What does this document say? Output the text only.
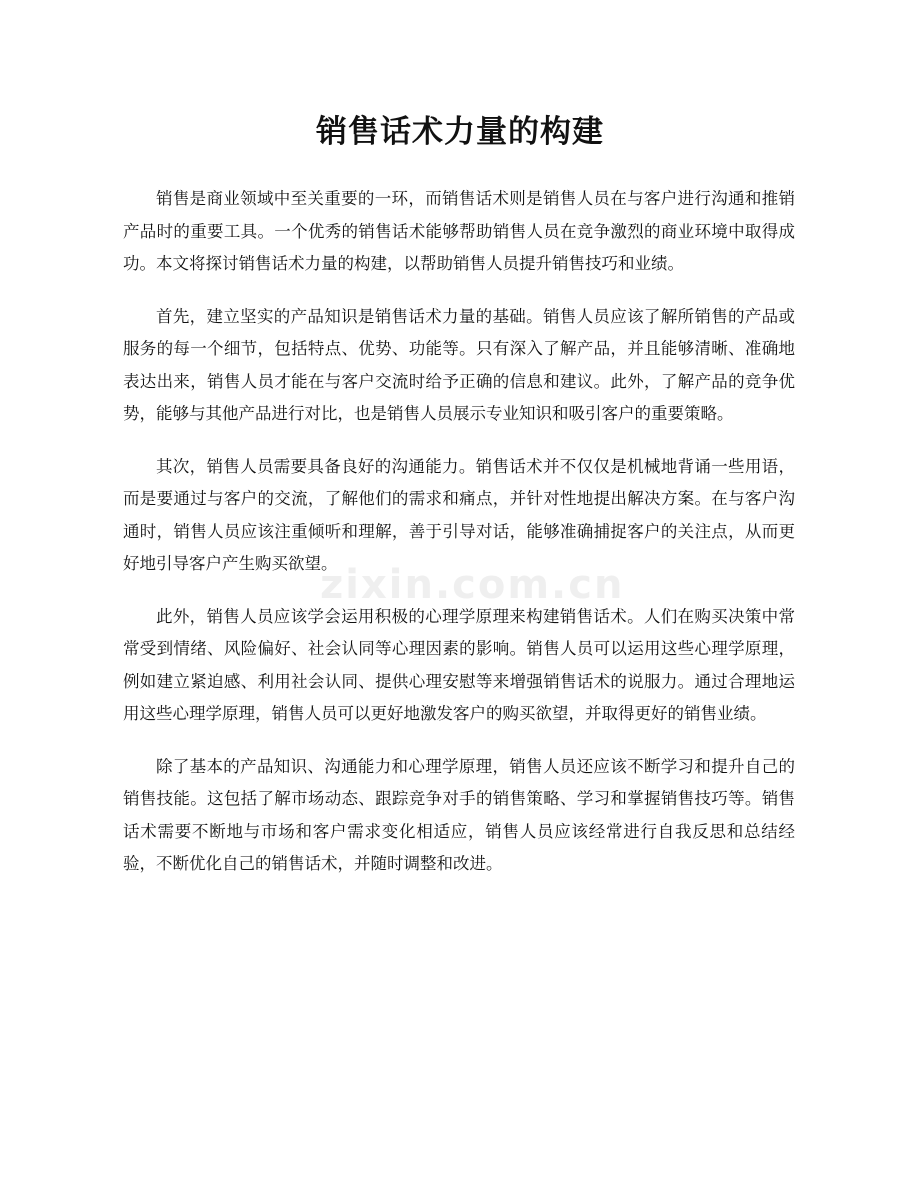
销售话术力量的构建
zixin.com.cn

销售是商业领域中至关重要的一环，而销售话术则是销售人员在与客户进行沟通和推销产品时的重要工具。一个优秀的销售话术能够帮助销售人员在竞争激烈的商业环境中取得成功。本文将探讨销售话术力量的构建，以帮助销售人员提升销售技巧和业绩。

首先，建立坚实的产品知识是销售话术力量的基础。销售人员应该了解所销售的产品或服务的每一个细节，包括特点、优势、功能等。只有深入了解产品，并且能够清晰、准确地表达出来，销售人员才能在与客户交流时给予正确的信息和建议。此外，了解产品的竞争优势，能够与其他产品进行对比，也是销售人员展示专业知识和吸引客户的重要策略。

其次，销售人员需要具备良好的沟通能力。销售话术并不仅仅是机械地背诵一些用语，而是要通过与客户的交流，了解他们的需求和痛点，并针对性地提出解决方案。在与客户沟通时，销售人员应该注重倾听和理解，善于引导对话，能够准确捕捉客户的关注点，从而更好地引导客户产生购买欲望。

此外，销售人员应该学会运用积极的心理学原理来构建销售话术。人们在购买决策中常常受到情绪、风险偏好、社会认同等心理因素的影响。销售人员可以运用这些心理学原理，例如建立紧迫感、利用社会认同、提供心理安慰等来增强销售话术的说服力。通过合理地运用这些心理学原理，销售人员可以更好地激发客户的购买欲望，并取得更好的销售业绩。

除了基本的产品知识、沟通能力和心理学原理，销售人员还应该不断学习和提升自己的销售技能。这包括了解市场动态、跟踪竞争对手的销售策略、学习和掌握销售技巧等。销售话术需要不断地与市场和客户需求变化相适应，销售人员应该经常进行自我反思和总结经验，不断优化自己的销售话术，并随时调整和改进。
